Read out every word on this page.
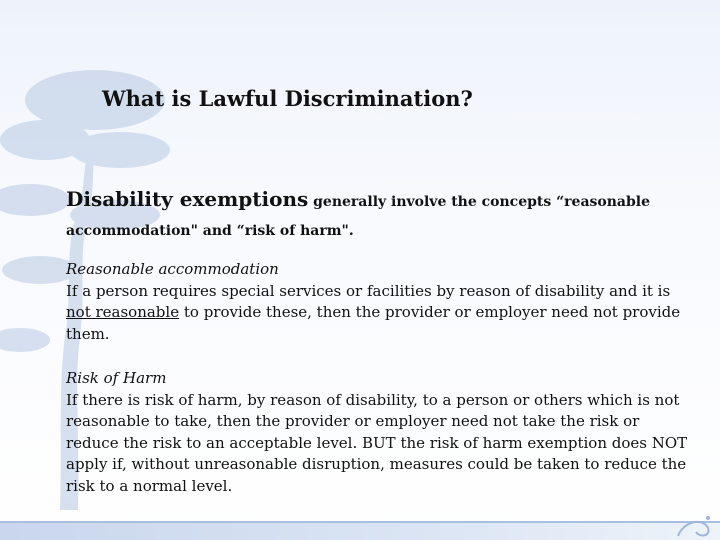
What is Lawful Discrimination?
Disability exemptions generally involve the concepts “reasonable accommodation" and “risk of harm".
Reasonable accommodation

If a person requires special services or facilities by reason of disability and it is not reasonable to provide these, then the provider or employer need not provide them.

Risk of Harm

If there is risk of harm, by reason of disability, to a person or others which is not reasonable to take, then the provider or employer need not take the risk or reduce the risk to an acceptable level. BUT the risk of harm exemption does NOT apply if, without unreasonable disruption, measures could be taken to reduce the risk to a normal level.
